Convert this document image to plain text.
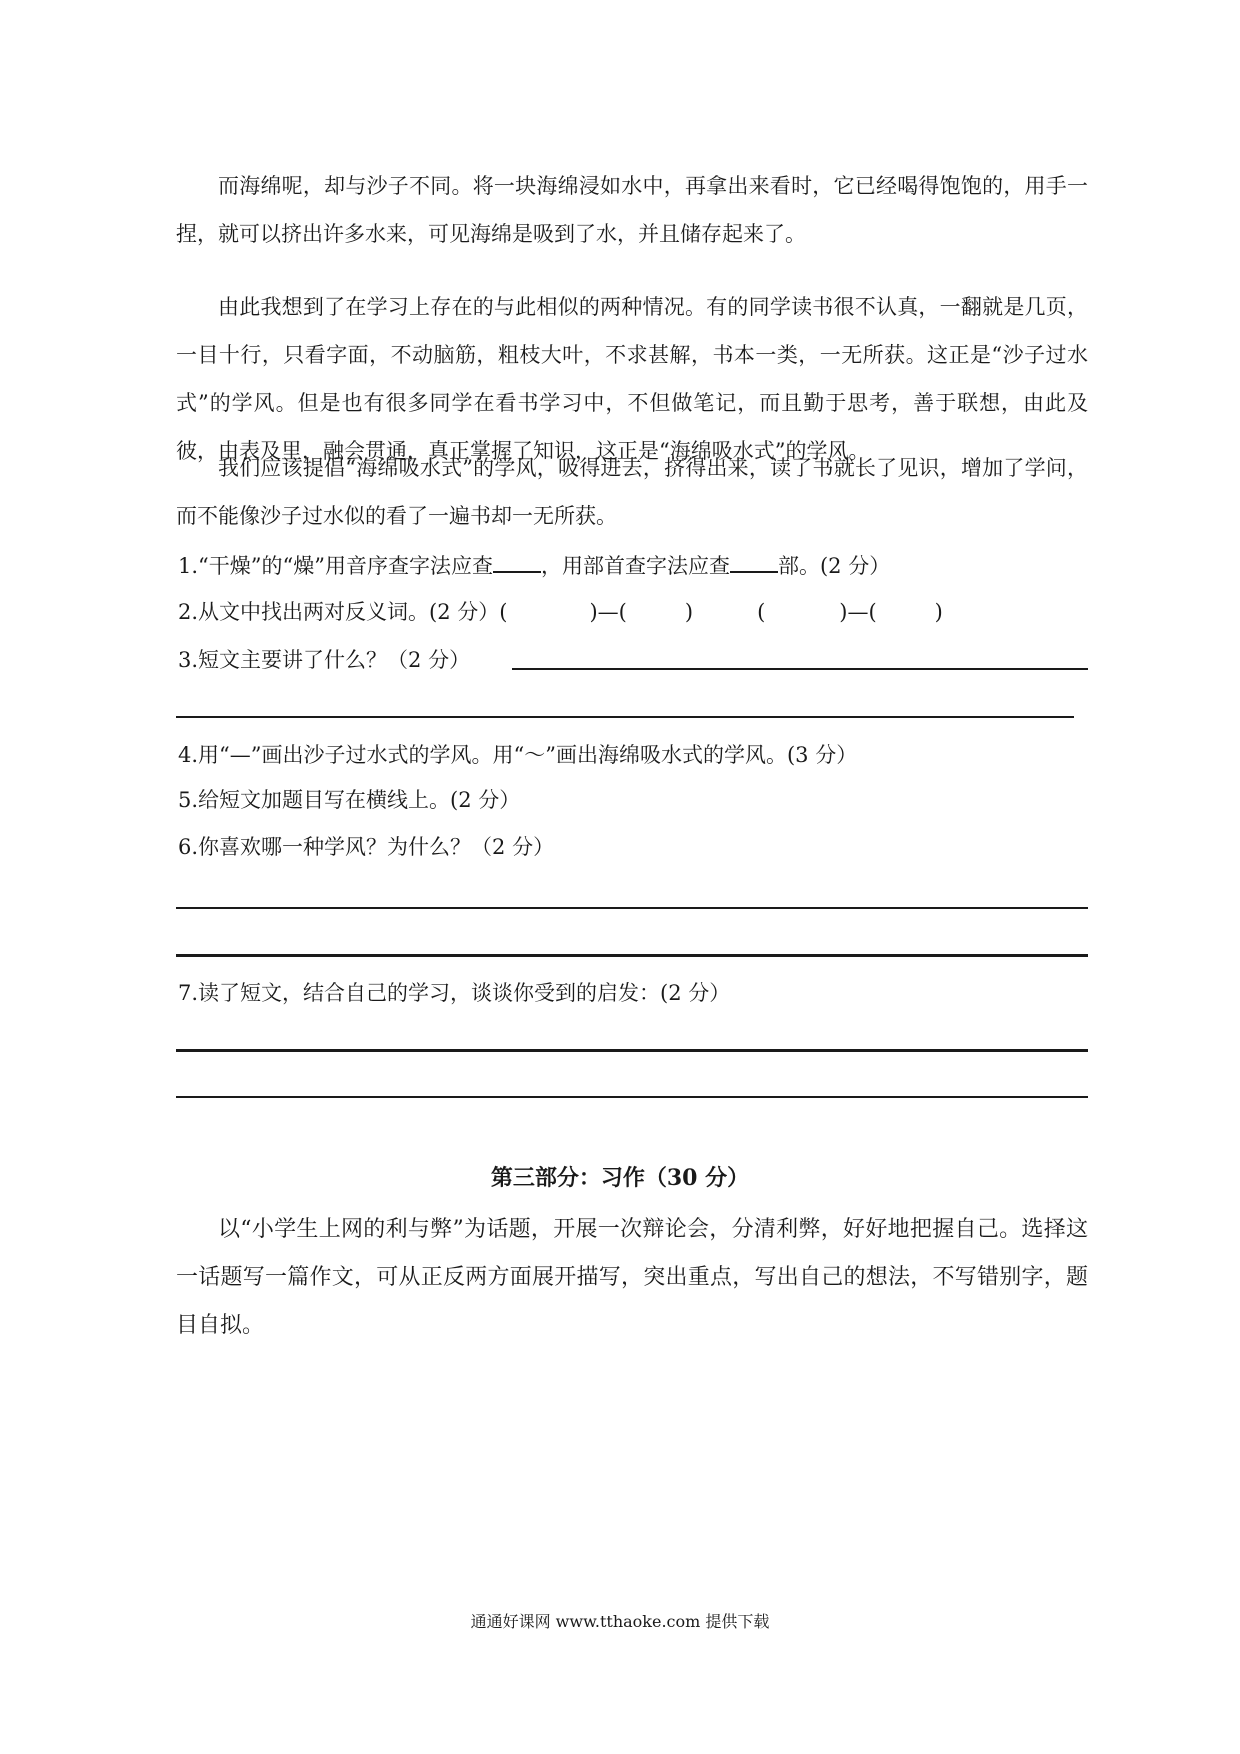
而海绵呢，却与沙子不同。将一块海绵浸如水中，再拿出来看时，它已经喝得饱饱的，用手一捏，就可以挤出许多水来，可见海绵是吸到了水，并且储存起来了。

由此我想到了在学习上存在的与此相似的两种情况。有的同学读书很不认真，一翻就是几页，一目十行，只看字面，不动脑筋，粗枝大叶，不求甚解，书本一类，一无所获。这正是“沙子过水式”的学风。但是也有很多同学在看书学习中，不但做笔记，而且勤于思考，善于联想，由此及彼，由表及里，融会贯通，真正掌握了知识，这正是“海绵吸水式”的学风。

我们应该提倡“海绵吸水式”的学风，吸得进去，挤得出来，读了书就长了见识，增加了学问，而不能像沙子过水似的看了一遍书却一无所获。

1.“干燥”的“燥”用音序查字法应查 ，用部首查字法应查 部。(2 分）
2.从文中找出两对反义词。(2 分）(	)—(	)	(	)—(	)
3.短文主要讲了什么？（2 分）
4.用“—”画出沙子过水式的学风。用“～”画出海绵吸水式的学风。(3 分）
5.给短文加题目写在横线上。(2 分）
6.你喜欢哪一种学风？为什么？（2 分）
7.读了短文，结合自己的学习，谈谈你受到的启发：(2 分）
第三部分：习作（30 分）

以“小学生上网的利与弊”为话题，开展一次辩论会，分清利弊，好好地把握自己。选择这一话题写一篇作文，可从正反两方面展开描写，突出重点，写出自己的想法，不写错别字，题目自拟。

通通好课网 www.tthaoke.com 提供下载
